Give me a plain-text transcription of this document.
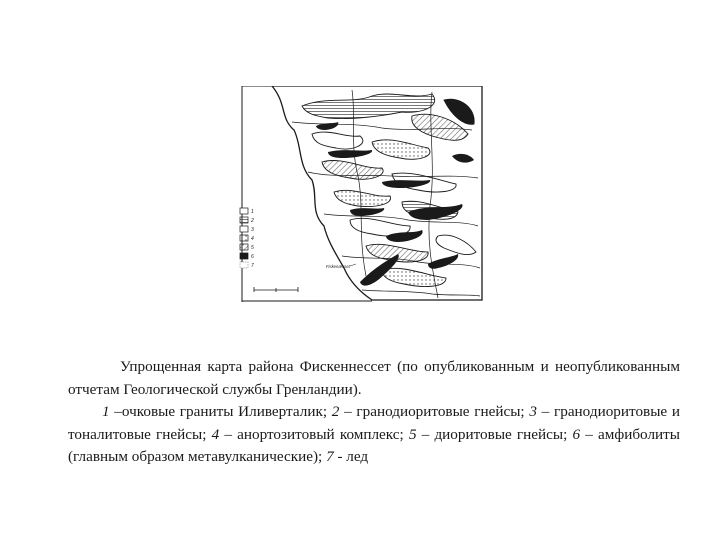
1
2
3
4
5
6
7	Fiskenæsset

Упрощенная карта района Фискеннессет (по опубликованным и неопубликованным отчетам Геологической службы Гренландии).

1 –очковые граниты Иливерталик; 2 – гранодиоритовые гнейсы; 3 – гранодиоритовые и тоналитовые гнейсы; 4 – анортозитовый комплекс; 5 – диоритовые гнейсы; 6 – амфиболиты (главным образом метавулканические); 7 - лед
